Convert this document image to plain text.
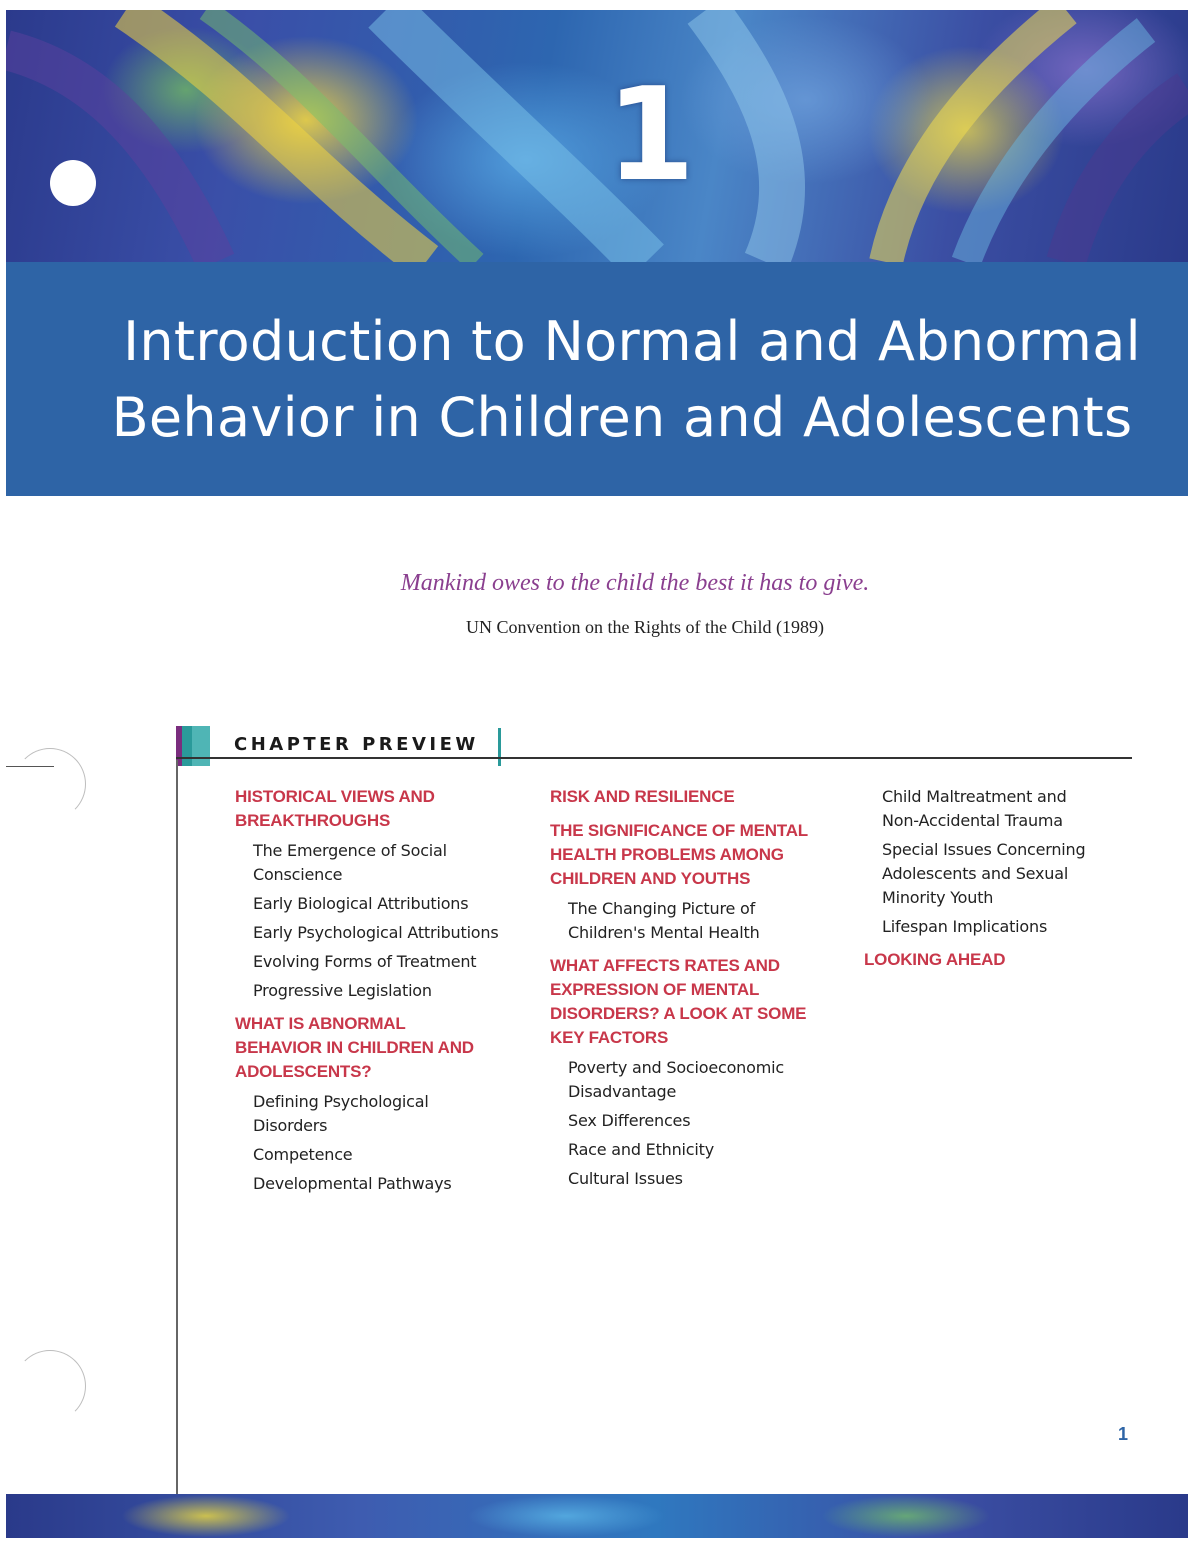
1
Introduction to Normal and Abnormal
Behavior in Children and Adolescents
Mankind owes to the child the best it has to give.
UN Convention on the Rights of the Child (1989)
CHAPTER PREVIEW
HISTORICAL VIEWS AND
BREAKTHROUGHS
The Emergence of Social
Conscience
Early Biological Attributions
Early Psychological Attributions
Evolving Forms of Treatment
Progressive Legislation
WHAT IS ABNORMAL
BEHAVIOR IN CHILDREN AND
ADOLESCENTS?
Defining Psychological
Disorders
Competence
Developmental Pathways
RISK AND RESILIENCE
THE SIGNIFICANCE OF MENTAL
HEALTH PROBLEMS AMONG
CHILDREN AND YOUTHS
The Changing Picture of
Children's Mental Health
WHAT AFFECTS RATES AND
EXPRESSION OF MENTAL
DISORDERS? A LOOK AT SOME
KEY FACTORS
Poverty and Socioeconomic
Disadvantage
Sex Differences
Race and Ethnicity
Cultural Issues
Child Maltreatment and
Non-Accidental Trauma
Special Issues Concerning
Adolescents and Sexual
Minority Youth
Lifespan Implications
LOOKING AHEAD
1
